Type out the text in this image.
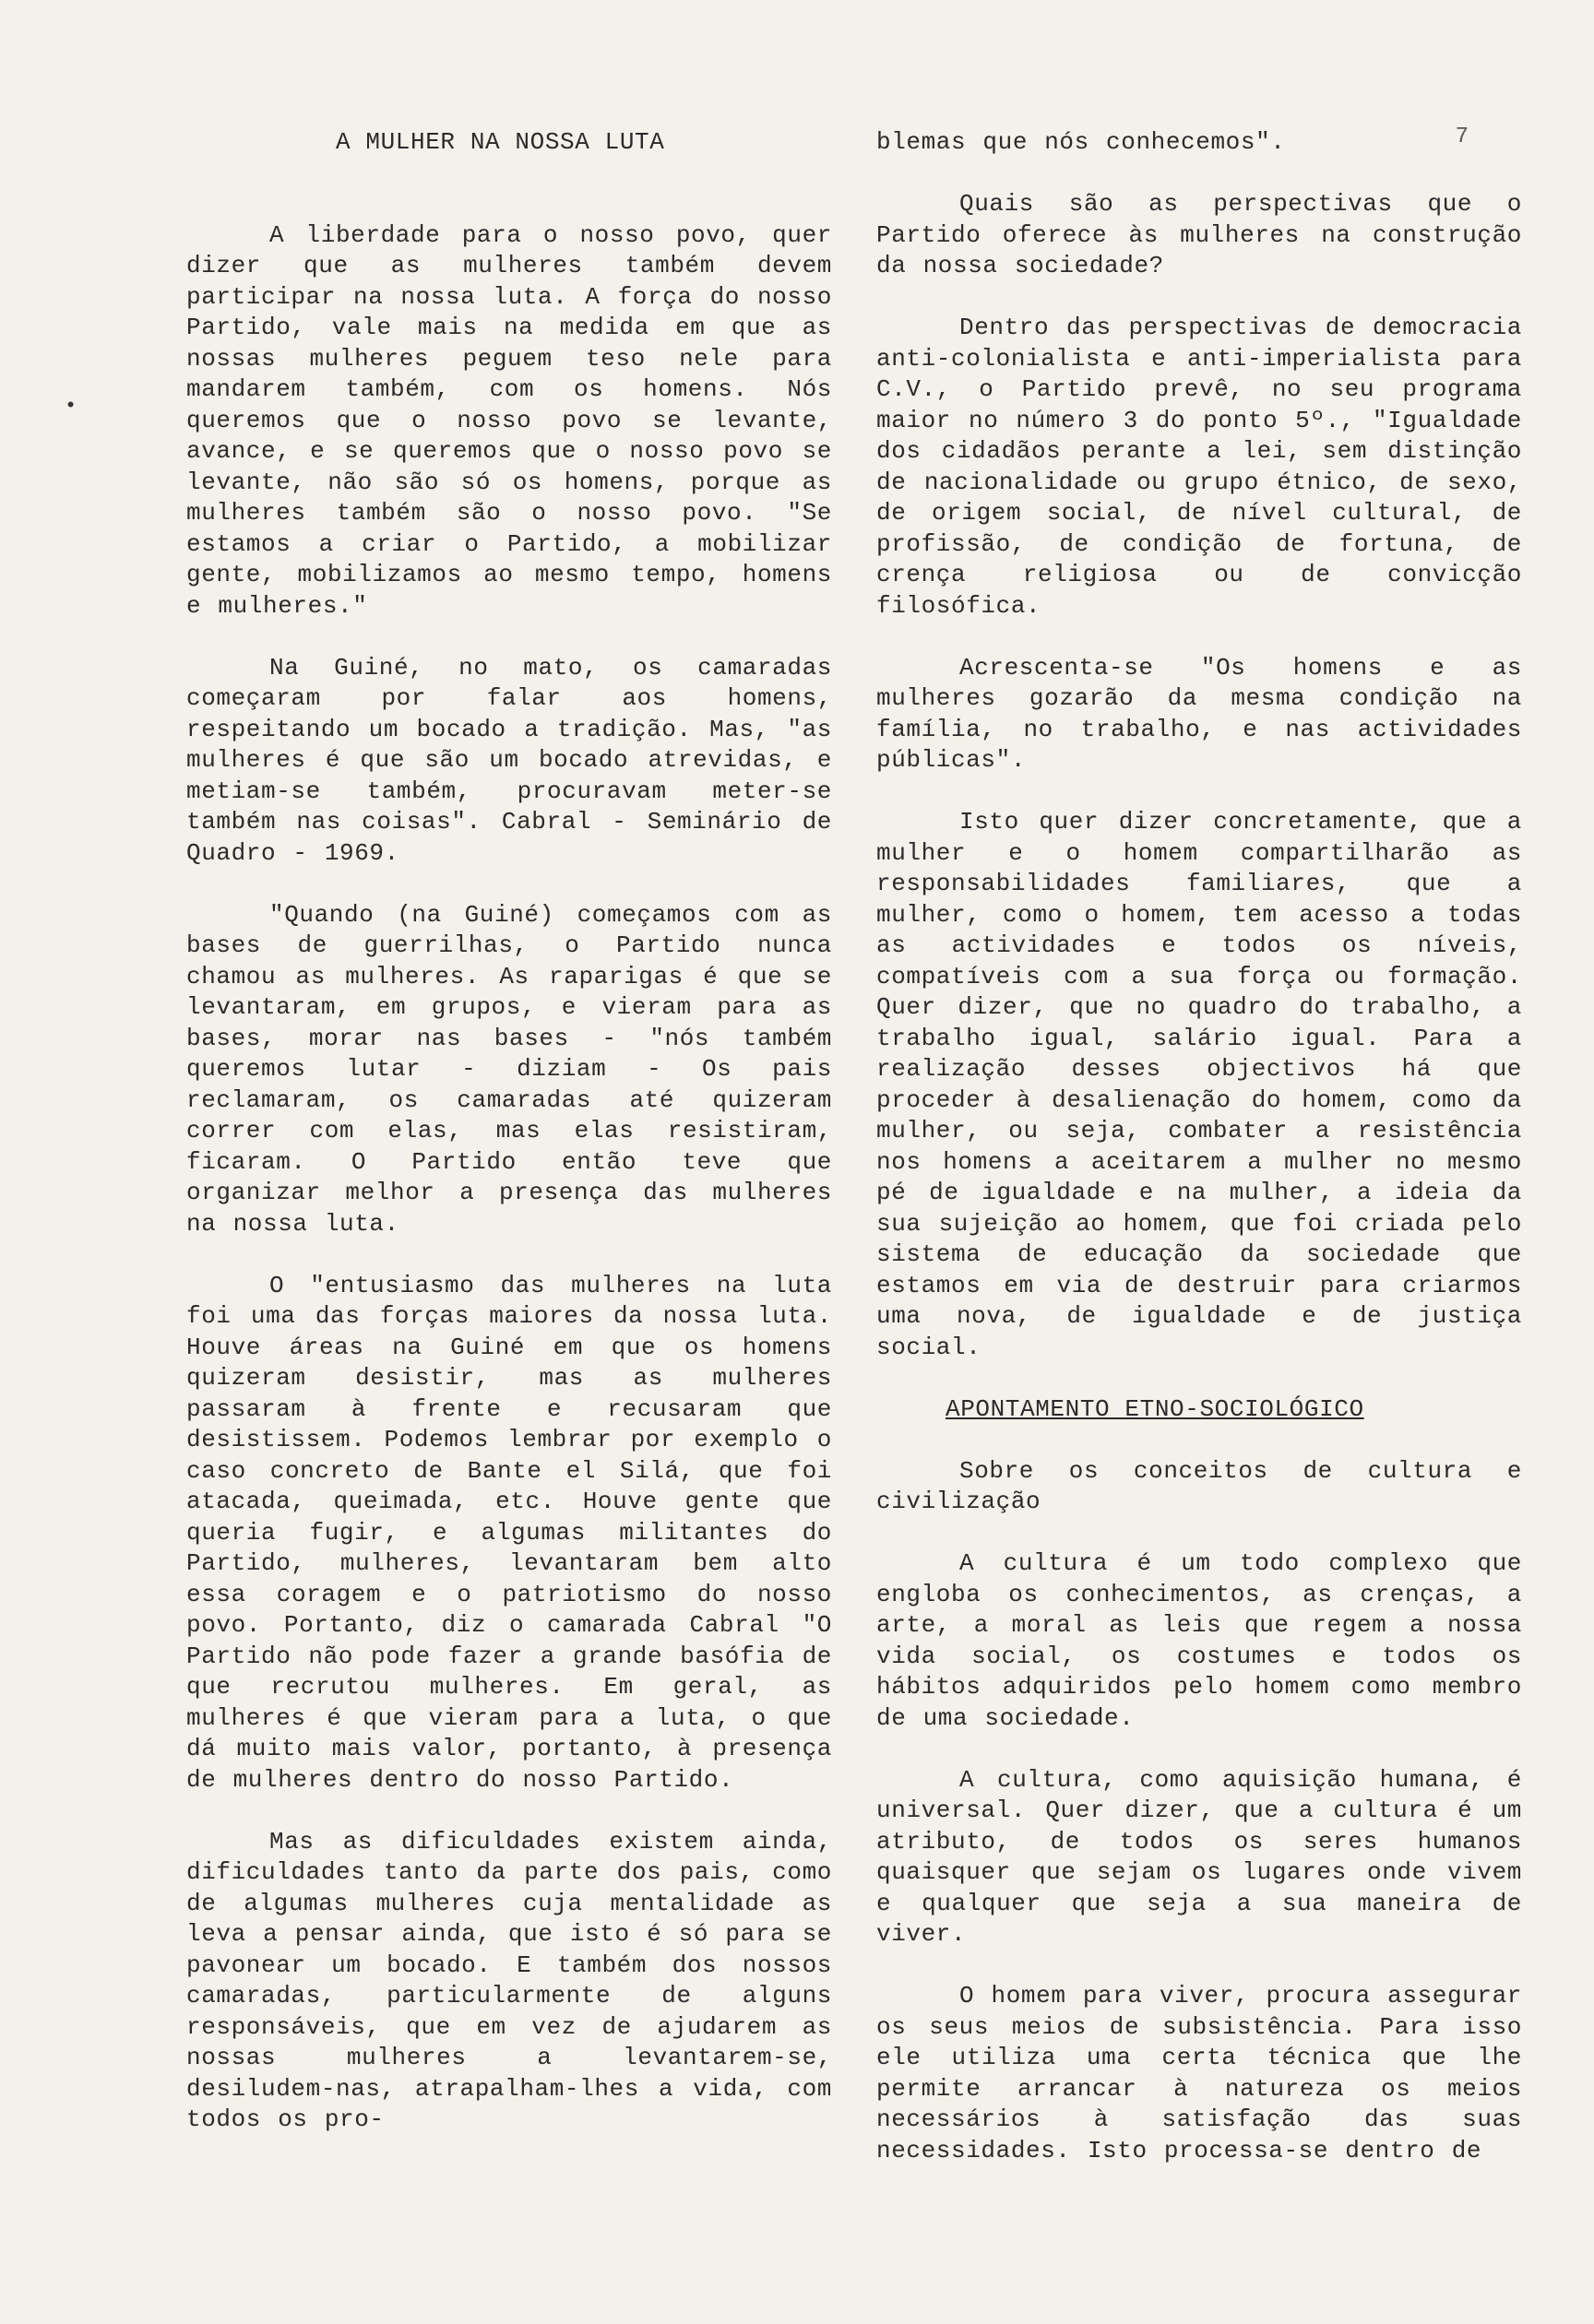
7
•
A MULHER NA NOSSA LUTA

A liberdade para o nosso povo, quer dizer que as mulheres também devem participar na nossa luta. A força do nosso Partido, vale mais na medida em que as nossas mulheres peguem teso nele para mandarem também, com os homens. Nós queremos que o nosso povo se levante, avance, e se queremos que o nosso povo se levante, não são só os homens, porque as mulheres também são o nosso povo. "Se estamos a criar o Partido, a mobilizar gente, mobilizamos ao mesmo tempo, homens e mulheres."

Na Guiné, no mato, os camaradas começaram por falar aos homens, respeitando um bocado a tradição. Mas, "as mulheres é que são um bocado atrevidas, e metiam-se também, procuravam meter-se também nas coisas". Cabral - Seminário de Quadro - 1969.

"Quando (na Guiné) começamos com as bases de guerrilhas, o Partido nunca chamou as mulheres. As raparigas é que se levantaram, em grupos, e vieram para as bases, morar nas bases - "nós também queremos lutar - diziam - Os pais reclamaram, os camaradas até quizeram correr com elas, mas elas resistiram, ficaram. O Partido então teve que organizar melhor a presença das mulheres na nossa luta.

O "entusiasmo das mulheres na luta foi uma das forças maiores da nossa luta. Houve áreas na Guiné em que os homens quizeram desistir, mas as mulheres passaram à frente e recusaram que desistissem. Podemos lembrar por exemplo o caso concreto de Bante el Silá, que foi atacada, queimada, etc. Houve gente que queria fugir, e algumas militantes do Partido, mulheres, levantaram bem alto essa coragem e o patriotismo do nosso povo. Portanto, diz o camarada Cabral "O Partido não pode fazer a grande basófia de que recrutou mulheres. Em geral, as mulheres é que vieram para a luta, o que dá muito mais valor, portanto, à presença de mulheres dentro do nosso Partido.

Mas as dificuldades existem ainda, dificuldades tanto da parte dos pais, como de algumas mulheres cuja mentalidade as leva a pensar ainda, que isto é só para se pavonear um bocado. E também dos nossos camaradas, particularmente de alguns responsáveis, que em vez de ajudarem as nossas mulheres a levantarem-se, desiludem-nas, atrapalham-lhes a vida, com todos os pro-

blemas que nós conhecemos".

Quais são as perspectivas que o Partido oferece às mulheres na construção da nossa sociedade?

Dentro das perspectivas de democracia anti-colonialista e anti-imperialista para C.V., o Partido prevê, no seu programa maior no número 3 do ponto 5º., "Igualdade dos cidadãos perante a lei, sem distinção de nacionalidade ou grupo étnico, de sexo, de origem social, de nível cultural, de profissão, de condição de fortuna, de crença religiosa ou de convicção filosófica.

Acrescenta-se "Os homens e as mulheres gozarão da mesma condição na família, no trabalho, e nas actividades públicas".

Isto quer dizer concretamente, que a mulher e o homem compartilharão as responsabilidades familiares, que a mulher, como o homem, tem acesso a todas as actividades e todos os níveis, compatíveis com a sua força ou formação. Quer dizer, que no quadro do trabalho, a trabalho igual, salário igual. Para a realização desses objectivos há que proceder à desalienação do homem, como da mulher, ou seja, combater a resistência nos homens a aceitarem a mulher no mesmo pé de igualdade e na mulher, a ideia da sua sujeição ao homem, que foi criada pelo sistema de educação da sociedade que estamos em via de destruir para criarmos uma nova, de igualdade e de justiça social.

APONTAMENTO ETNO-SOCIOLÓGICO

Sobre os conceitos de cultura e civilização

A cultura é um todo complexo que engloba os conhecimentos, as crenças, a arte, a moral as leis que regem a nossa vida social, os costumes e todos os hábitos adquiridos pelo homem como membro de uma sociedade.

A cultura, como aquisição humana, é universal. Quer dizer, que a cultura é um atributo, de todos os seres humanos quaisquer que sejam os lugares onde vivem e qualquer que seja a sua maneira de viver.

O homem para viver, procura assegurar os seus meios de subsistência. Para isso ele utiliza uma certa técnica que lhe permite arrancar à natureza os meios necessários à satisfação das suas necessidades. Isto processa-se dentro de
